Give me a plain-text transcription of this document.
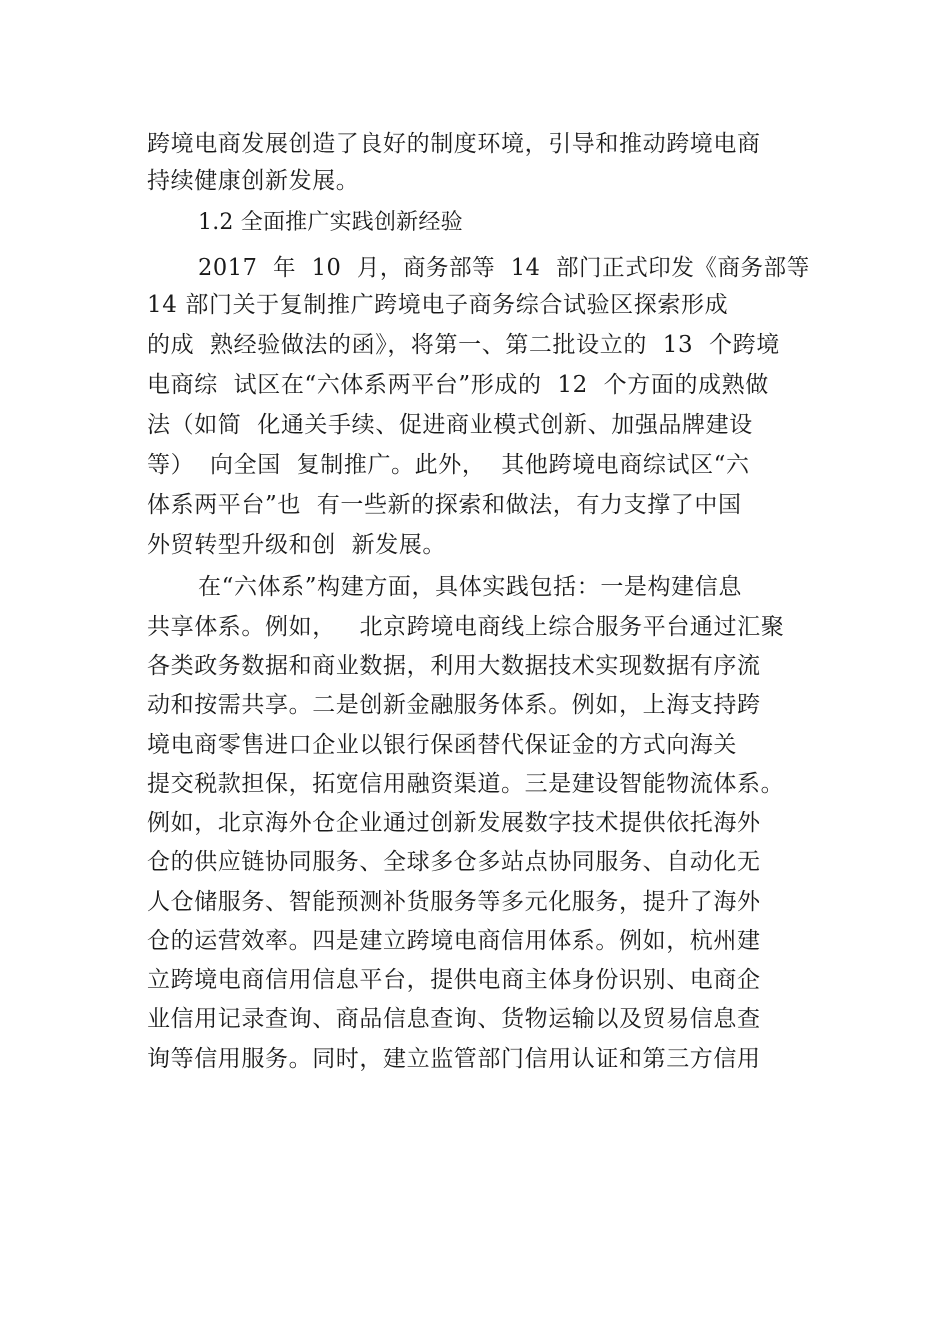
跨境电商发展创造了良好的制度环境，引导和推动跨境电商
持续健康创新发展。
1.2 全面推广实践创新经验
2017  年  10  月，商务部等  14  部门正式印发《商务部等
14 部门关于复制推广跨境电子商务综合试验区探索形成
的成  熟经验做法的函》，将第一、第二批设立的  13  个跨境
电商综  试区在“六体系两平台”形成的  12  个方面的成熟做
法（如简  化通关手续、促进商业模式创新、加强品牌建设
等）  向全国  复制推广。此外，  其他跨境电商综试区“六
体系两平台”也  有一些新的探索和做法，有力支撑了中国
外贸转型升级和创  新发展。
在“六体系”构建方面，具体实践包括：一是构建信息
共享体系。例如，   北京跨境电商线上综合服务平台通过汇聚
各类政务数据和商业数据，利用大数据技术实现数据有序流
动和按需共享。二是创新金融服务体系。例如，上海支持跨
境电商零售进口企业以银行保函替代保证金的方式向海关
提交税款担保，拓宽信用融资渠道。三是建设智能物流体系。
例如，北京海外仓企业通过创新发展数字技术提供依托海外
仓的供应链协同服务、全球多仓多站点协同服务、自动化无
人仓储服务、智能预测补货服务等多元化服务，提升了海外
仓的运营效率。四是建立跨境电商信用体系。例如，杭州建
立跨境电商信用信息平台，提供电商主体身份识别、电商企
业信用记录查询、商品信息查询、货物运输以及贸易信息查
询等信用服务。同时，建立监管部门信用认证和第三方信用
